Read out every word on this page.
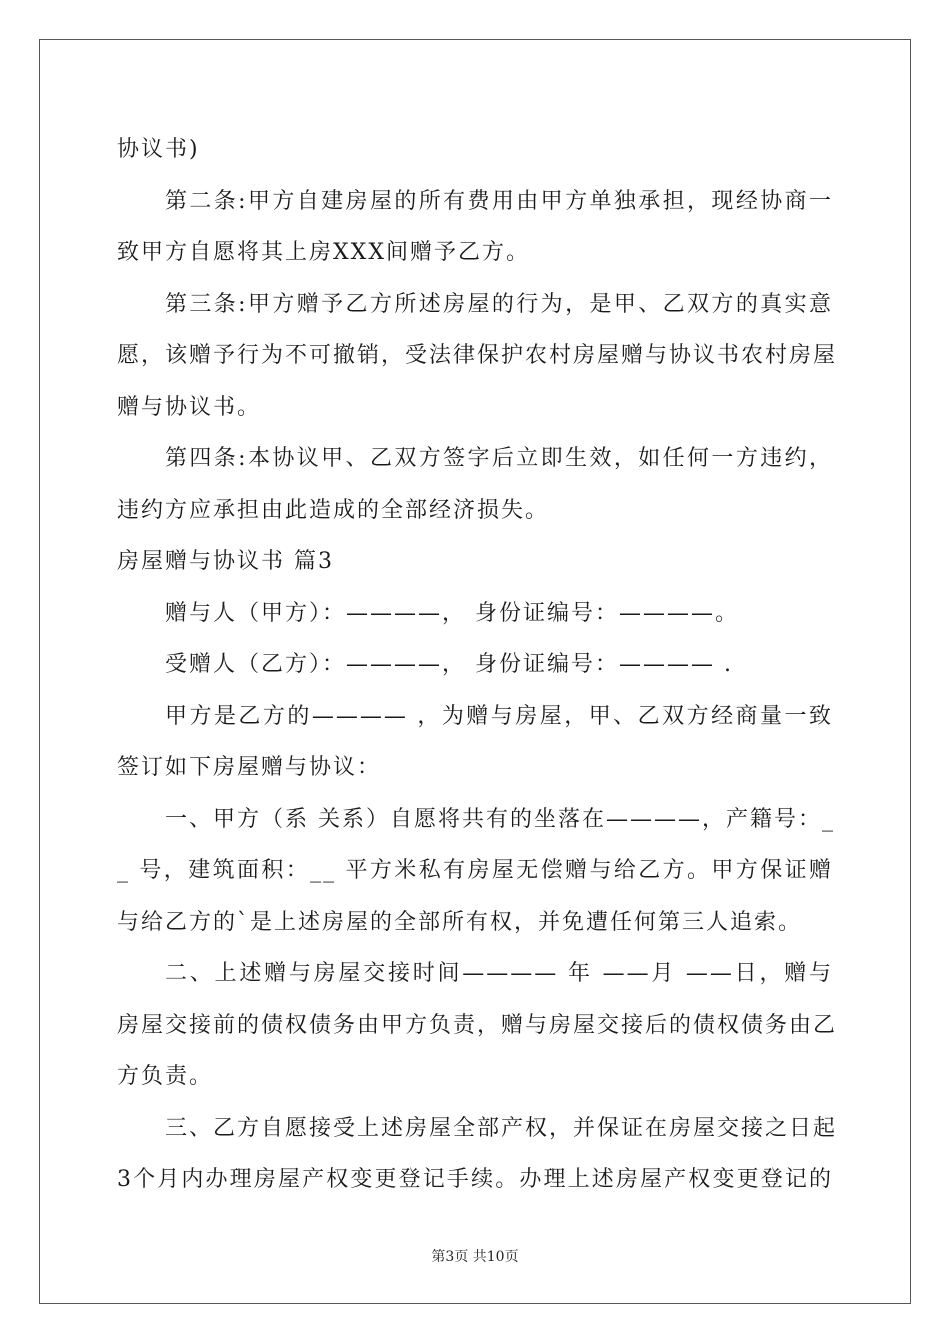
协议书)
第二条:甲方自建房屋的所有费用由甲方单独承担，现经协商一
致甲方自愿将其上房XXX间赠予乙方。
第三条:甲方赠予乙方所述房屋的行为，是甲、乙双方的真实意
愿，该赠予行为不可撤销，受法律保护农村房屋赠与协议书农村房屋
赠与协议书。
第四条:本协议甲、乙双方签字后立即生效，如任何一方违约，
违约方应承担由此造成的全部经济损失。
房屋赠与协议书 篇3
赠与人（甲方）：————， 身份证编号：————。
受赠人（乙方）：————， 身份证编号：———— .
甲方是乙方的———— ，为赠与房屋，甲、乙双方经商量一致
签订如下房屋赠与协议：
一、甲方（系 关系）自愿将共有的坐落在————，产籍号：_
_ 号，建筑面积：__ 平方米私有房屋无偿赠与给乙方。甲方保证赠
与给乙方的`是上述房屋的全部所有权，并免遭任何第三人追索。
二、上述赠与房屋交接时间———— 年 ——月 ——日，赠与
房屋交接前的债权债务由甲方负责，赠与房屋交接后的债权债务由乙
方负责。
三、乙方自愿接受上述房屋全部产权，并保证在房屋交接之日起
3个月内办理房屋产权变更登记手续。办理上述房屋产权变更登记的
第3页 共10页
